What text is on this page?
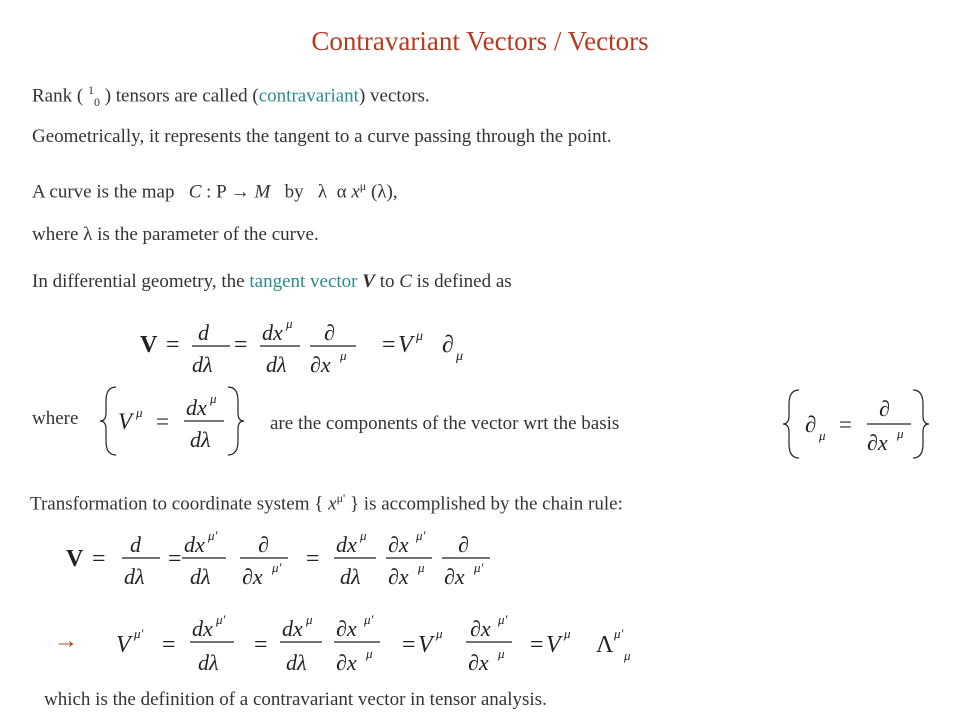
Contravariant Vectors / Vectors
Rank ( $^1_0$ ) tensors are called (contravariant) vectors.
Geometrically, it represents the tangent to a curve passing through the point.
A curve is the map C : P → M by λ α $x^\mu$ (λ),
where λ is the parameter of the curve.
In differential geometry, the tangent vector V to C is defined as
V = d
dλ
= dx μ
dλ
∂
∂x μ = V μ ∂ μ
where V μ =
dx μ
dλ
are the components of the vector wrt the basis	∂ μ =
∂
∂x μ
Transformation to coordinate system { $x^{\mu'}$ } is accomplished by the chain rule:
V =
d
dλ
=
dx μ'
dλ
∂
∂x μ' =
dx μ
dλ
∂x μ'
∂x μ
∂
∂x μ'
→ V μ' =
dx μ'
dλ
=
dx μ
dλ
∂x μ'
∂x μ = V μ ∂x μ'
∂x μ = V μ Λ μ'
μ
which is the definition of a contravariant vector in tensor analysis.
